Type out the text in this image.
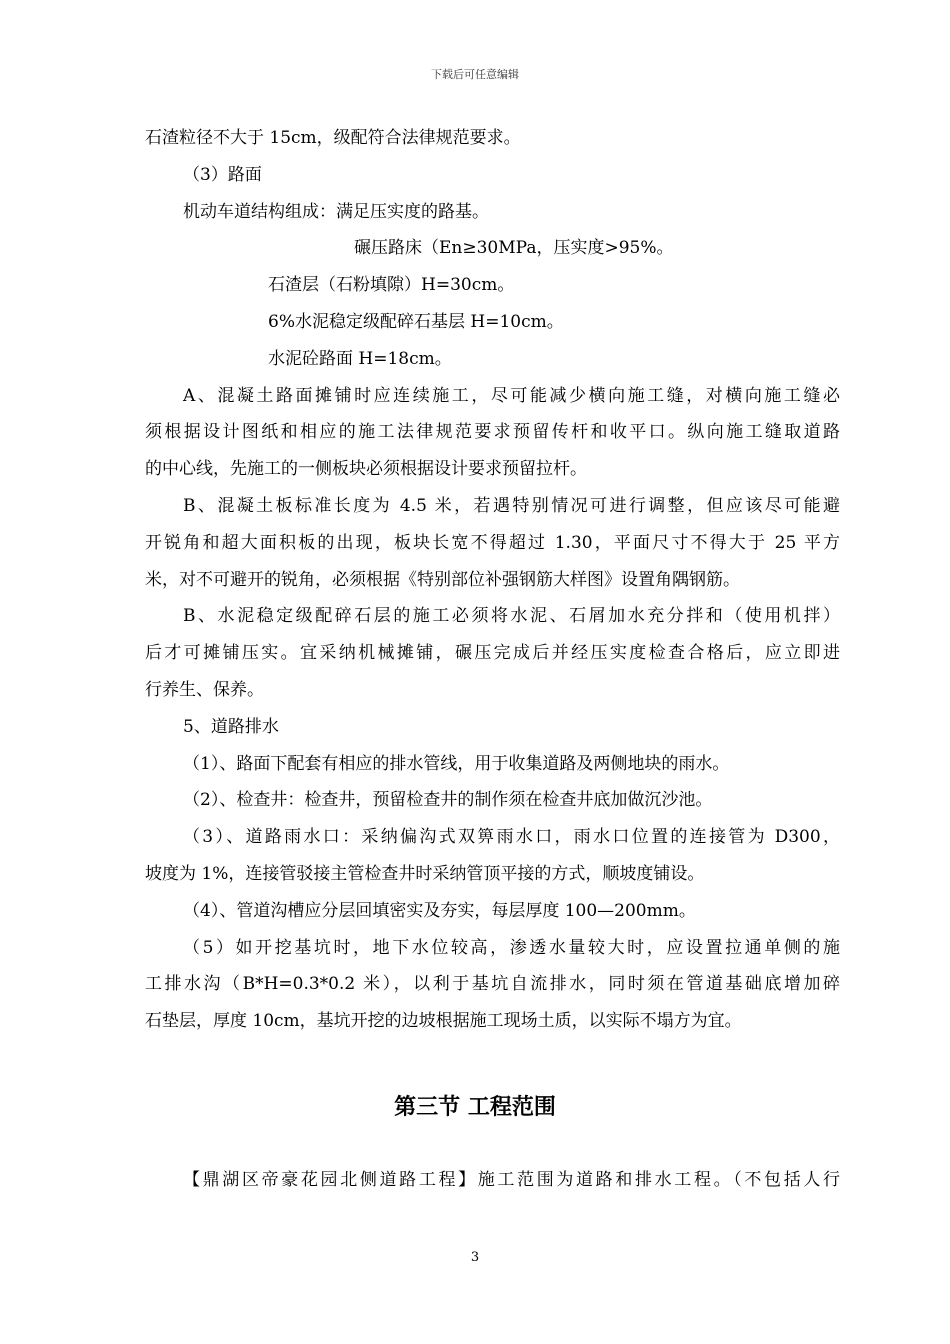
下载后可任意编辑
石渣粒径不大于 15cm，级配符合法律规范要求。
（3）路面
机动车道结构组成：满足压实度的路基。
碾压路床（En≥30MPa，压实度>95%。
石渣层（石粉填隙）H=30cm。
6%水泥稳定级配碎石基层 H=10cm。
水泥砼路面 H=18cm。
A、混凝土路面摊铺时应连续施工，尽可能减少横向施工缝，对横向施工缝必
须根据设计图纸和相应的施工法律规范要求预留传杆和收平口。纵向施工缝取道路
的中心线，先施工的一侧板块必须根据设计要求预留拉杆。
B、混凝土板标准长度为 4.5 米，若遇特别情况可进行调整，但应该尽可能避
开锐角和超大面积板的出现，板块长宽不得超过 1.30，平面尺寸不得大于 25 平方
米，对不可避开的锐角，必须根据《特别部位补强钢筋大样图》设置角隅钢筋。
B、水泥稳定级配碎石层的施工必须将水泥、石屑加水充分拌和（使用机拌）
后才可摊铺压实。宜采纳机械摊铺，碾压完成后并经压实度检查合格后，应立即进
行养生、保养。
5、道路排水
（1）、路面下配套有相应的排水管线，用于收集道路及两侧地块的雨水。
（2）、检查井：检查井，预留检查井的制作须在检查井底加做沉沙池。
（3）、道路雨水口：采纳偏沟式双箅雨水口，雨水口位置的连接管为 D300，
坡度为 1%，连接管驳接主管检查井时采纳管顶平接的方式，顺坡度铺设。
（4）、管道沟槽应分层回填密实及夯实，每层厚度 100—200mm。
（5）如开挖基坑时，地下水位较高，渗透水量较大时，应设置拉通单侧的施
工排水沟（B*H=0.3*0.2 米），以利于基坑自流排水，同时须在管道基础底增加碎
石垫层，厚度 10cm，基坑开挖的边坡根据施工现场土质，以实际不塌方为宜。
第三节 工程范围
【鼎湖区帝豪花园北侧道路工程】施工范围为道路和排水工程。（不包括人行
3
